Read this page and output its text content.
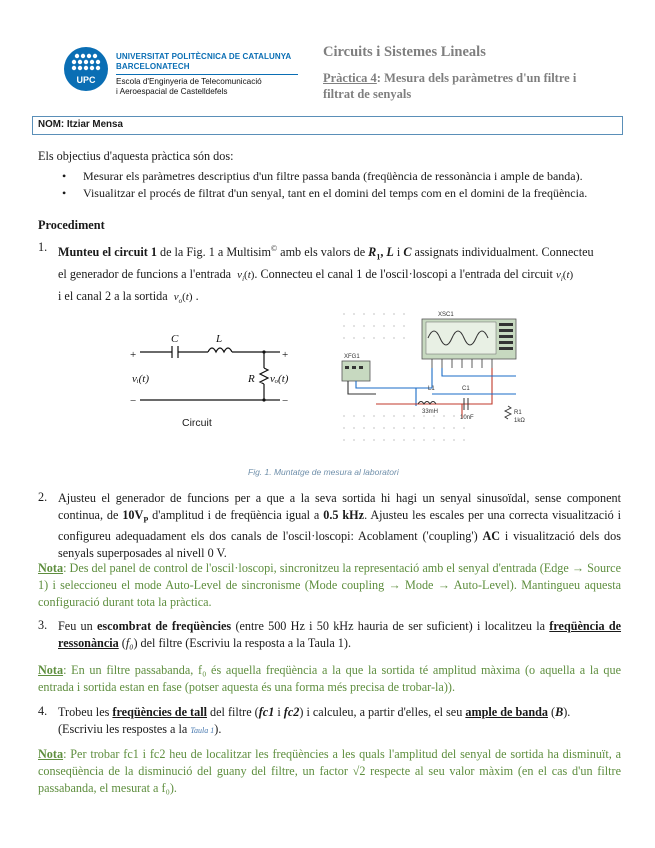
UPC
UNIVERSITAT POLITÈCNICA DE CATALUNYA
BARCELONATECH
Escola d'Enginyeria de Telecomunicació
i Aeroespacial de Castelldefels
Circuits i Sistemes Lineals
Pràctica 4: Mesura dels paràmetres d'un filtre i
filtrat de senyals
NOM: Itziar Mensa
Els objectius d'aquesta pràctica són dos:
• Mesurar els paràmetres descriptius d'un filtre passa banda (freqüència de ressonància i ample de banda).
• Visualitzar el procés de filtrat d'un senyal, tant en el domini del temps com en el domini de la freqüència.
Procediment
1. Munteu el circuit 1 de la Fig. 1 a Multisim© amb els valors de $R_1$, L i C assignats individualment. Connecteu
el generador de funcions a l'entrada $v_i(t)$. Connecteu el canal 1 de l'oscil·loscopi a l'entrada del circuit $v_i(t)$
i el canal 2 a la sortida $v_o(t)$ .
+
−
+
−
C	L
R
vᵢ(t)	vₒ(t)
Circuit
XSC1
XFG1
L1
33mH
C1
10nF
R1
1kΩ
Fig. 1. Muntatge de mesura al laboratori
2. Ajusteu el generador de funcions per a que a la seva sortida hi hagi un senyal sinusoïdal, sense component continua, de $10V_P$ d'amplitud i de freqüència igual a 0.5 kHz. Ajusteu les escales per una correcta visualització i configureu adequadament els dos canals de l'oscil·loscopi: Acoblament ('coupling') AC i visualització dels dos senyals superposades al nivell 0 V.
Nota: Des del panel de control de l'oscil·loscopi, sincronitzeu la representació amb el senyal d'entrada (Edge → Source 1) i seleccioneu el mode Auto-Level de sincronisme (Mode coupling → Mode → Auto-Level). Mantingueu aquesta configuració durant tota la pràctica.
3. Feu un escombrat de freqüències (entre 500 Hz i 50 kHz hauria de ser suficient) i localitzeu la freqüència de ressonància (f₀) del filtre (Escriviu la resposta a la Taula 1).
Nota: En un filtre passabanda, f₀ és aquella freqüència a la que la sortida té amplitud màxima (o aquella a la que entrada i sortida estan en fase (potser aquesta és una forma més precisa de trobar-la)).
4. Trobeu les freqüències de tall del filtre (fc1 i fc2) i calculeu, a partir d'elles, el seu ample de banda (B).
(Escriviu les respostes a la Taula 1).
Nota: Per trobar fc1 i fc2 heu de localitzar les freqüències a les quals l'amplitud del senyal de sortida ha disminuït, a conseqüència de la disminució del guany del filtre, un factor √2 respecte al seu valor màxim (en el cas d'un filtre passabanda, el mesurat a f₀).
